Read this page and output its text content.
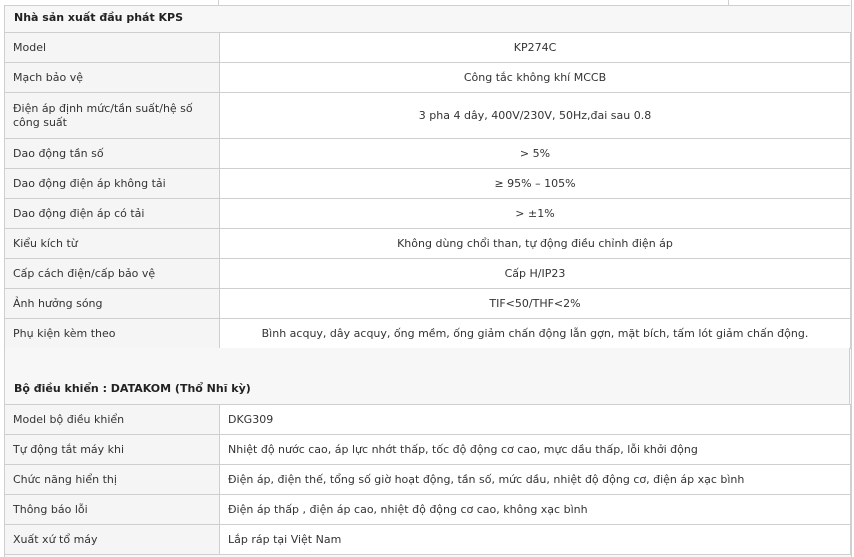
Nhà sản xuất đầu phát KPS
Model	KP274C
Mạch bảo vệ	Công tắc không khí MCCB
Điện áp định mức/tần suất/hệ số công suất	3 pha 4 dây, 400V/230V, 50Hz,đai sau 0.8
Dao động tần số	> 5%
Dao động điện áp không tải	≥ 95% – 105%
Dao động điện áp có tải	> ±1%
Kiểu kích từ	Không dùng chổi than, tự động điều chỉnh điện áp
Cấp cách điện/cấp bảo vệ	Cấp H/IP23
Ảnh hưởng sóng	TIF<50/THF<2%
Phụ kiện kèm theo	Bình acquy, dây acquy, ống mềm, ống giảm chấn động lẫn gợn, mặt bích, tấm lót giảm chấn động.
Bộ điều khiển : DATAKOM (Thổ Nhĩ kỳ)
Model bộ điều khiển	DKG309
Tự động tắt máy khi	Nhiệt độ nước cao, áp lực nhớt thấp, tốc độ động cơ cao, mực dầu thấp, lỗi khởi động
Chức năng hiển thị	Điện áp, điện thế, tổng số giờ hoạt động, tần số, mức dầu, nhiệt độ động cơ, điện áp xạc bình
Thông báo lỗi	Điện áp thấp , điện áp cao, nhiệt độ động cơ cao, không xạc bình
Xuất xứ tổ máy	Lắp ráp tại Việt Nam
